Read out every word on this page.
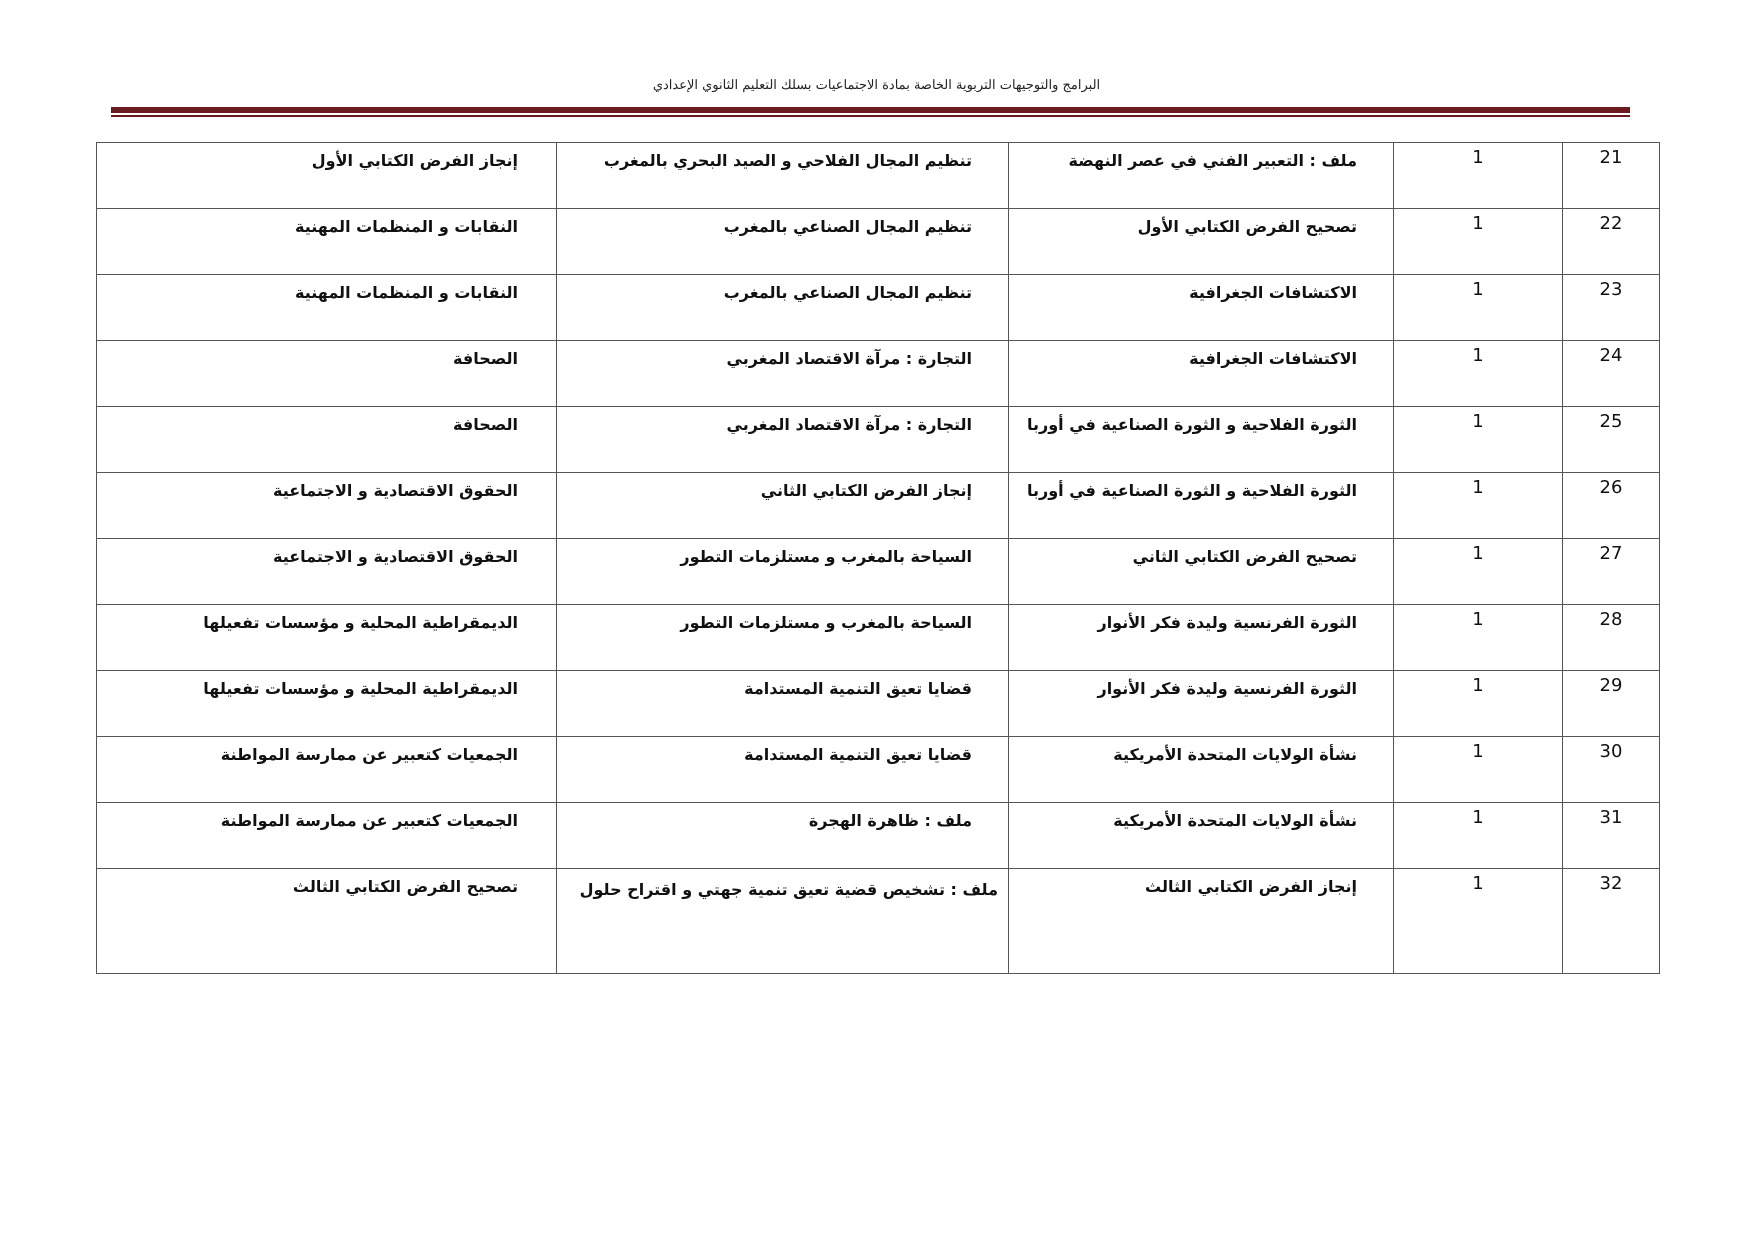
البرامج والتوجيهات التربوية الخاصة بمادة الاجتماعيات بسلك التعليم الثانوي الإعدادي
21	1	ملف : التعبير الفني في عصر النهضة	تنظيم المجال الفلاحي و الصيد البحري بالمغرب	إنجاز الفرض الكتابي الأول

22	1	تصحيح الفرض الكتابي الأول	تنظيم المجال الصناعي بالمغرب	النقابات و المنظمات المهنية

23	1	الاكتشافات الجغرافية	تنظيم المجال الصناعي بالمغرب	النقابات و المنظمات المهنية

24	1	الاكتشافات الجغرافية	التجارة : مرآة الاقتصاد المغربي	الصحافة

25	1	الثورة الفلاحية و الثورة الصناعية في أوربا	التجارة : مرآة الاقتصاد المغربي	الصحافة

26	1	الثورة الفلاحية و الثورة الصناعية في أوربا	إنجاز الفرض الكتابي الثاني	الحقوق الاقتصادية و الاجتماعية

27	1	تصحيح الفرض الكتابي الثاني	السياحة بالمغرب و مستلزمات التطور	الحقوق الاقتصادية و الاجتماعية

28	1	الثورة الفرنسية وليدة فكر الأنوار	السياحة بالمغرب و مستلزمات التطور	الديمقراطية المحلية و مؤسسات تفعيلها

29	1	الثورة الفرنسية وليدة فكر الأنوار	قضايا تعيق التنمية المستدامة	الديمقراطية المحلية و مؤسسات تفعيلها

30	1	نشأة الولايات المتحدة الأمريكية	قضايا تعيق التنمية المستدامة	الجمعيات كتعبير عن ممارسة المواطنة

31	1	نشأة الولايات المتحدة الأمريكية	ملف : ظاهرة الهجرة	الجمعيات كتعبير عن ممارسة المواطنة

32	1	إنجاز الفرض الكتابي الثالث	ملف : تشخيص قضية تعيق تنمية جهتي و اقتراح حلول	تصحيح الفرض الكتابي الثالث
